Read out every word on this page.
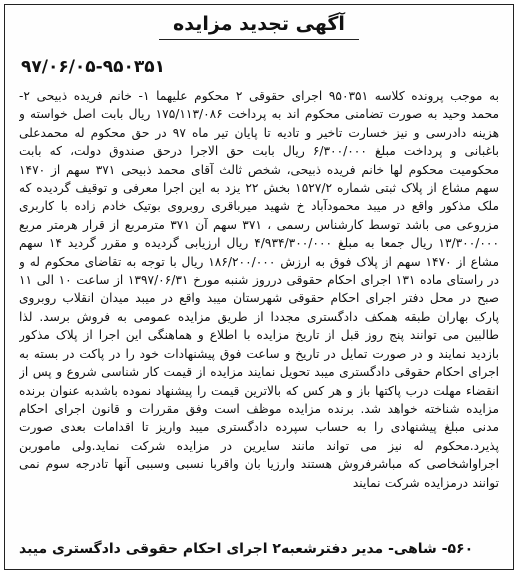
آگهی تجدید مزایده
۹۷/۰۶/۰۵-۹۵۰۳۵۱
به موجب پرونده کلاسه ۹۵۰۳۵۱ اجرای حقوقی ۲ محکوم علیهما ۱- خانم فریده ذبیحی ۲- محمد وحید به صورت تضامنی محکوم اند به پرداخت ۱۷۵/۱۱۳/۰۸۶ ریال بابت اصل خواسته و هزینه دادرسی و نیز خسارت تاخیر و تادیه تا پایان تیر ماه ۹۷ در حق محکوم له محمدعلی باغبانی و پرداخت مبلغ ۶/۳۰۰/۰۰۰ ریال بابت حق الاجرا درحق صندوق دولت، که بابت محکومیت محکوم لها خانم فریده ذبیحی، شخص ثالث آقای محمد ذبیحی ۳۷۱ سهم از ۱۴۷۰ سهم مشاع از پلاک ثبتی شماره ۱۵۲۷/۲ بخش ۲۲ یزد به این اجرا معرفی و توقیف گردیده که ملک مذکور واقع در میبد محمودآباد خ شهید میرباقری روبروی بوتیک خادم زاده با کاربری مزروعی می باشد توسط کارشناس رسمی ، ۳۷۱ سهم آن ۳۷۱ مترمربع از قرار هرمتر مربع ۱۳/۳۰۰/۰۰۰ ریال جمعا به مبلغ ۴/۹۳۴/۳۰۰/۰۰۰ ریال ارزیابی گردیده و مقرر گردید ۱۴ سهم مشاع از ۱۴۷۰ سهم از پلاک فوق به ارزش ۱۸۶/۲۰۰/۰۰۰ ریال با توجه به تقاضای محکوم له و در راستای ماده ۱۳۱ اجرای احکام حقوقی درروز شنبه مورخ ۱۳۹۷/۰۶/۳۱ از ساعت ۱۰ الی ۱۱ صبح در محل دفتر اجرای احکام حقوقی شهرستان میبد واقع در میبد میدان انقلاب روبروی پارک بهاران طبقه همکف دادگستری مجددا از طریق مزایده عمومی به فروش برسد. لذا طالبین می توانند پنج روز قبل از تاریخ مزایده با اطلاع و هماهنگی این اجرا از پلاک مذکور بازدید نمایند و در صورت تمایل در تاریخ و ساعت فوق پیشنهادات خود را در پاکت در بسته به اجرای احکام حقوقی دادگستری میبد تحویل نمایند مزایده از قیمت کار شناسی شروع و پس از انقضاء مهلت درب پاکتها باز و هر کس که بالاترین قیمت را پیشنهاد نموده باشدبه عنوان برنده مزایده شناخته خواهد شد. برنده مزایده موظف است وفق مقررات و قانون اجرای احکام مدنی مبلغ پیشنهادی را به حساب سپرده دادگستری میبد واریز تا اقدامات بعدی صورت پذیرد.محکوم له نیز می تواند مانند سایرین در مزایده شرکت نماید.ولی ماموربن اجراواشخاصی که مباشرفروش هستند وارزیا بان واقربا نسبی وسببی آنها تادرجه سوم نمی توانند درمزایده شرکت نمایند
۵۶۰- شاهی- مدیر دفترشعبه۲ اجرای احکام حقوقی دادگستری میبد
